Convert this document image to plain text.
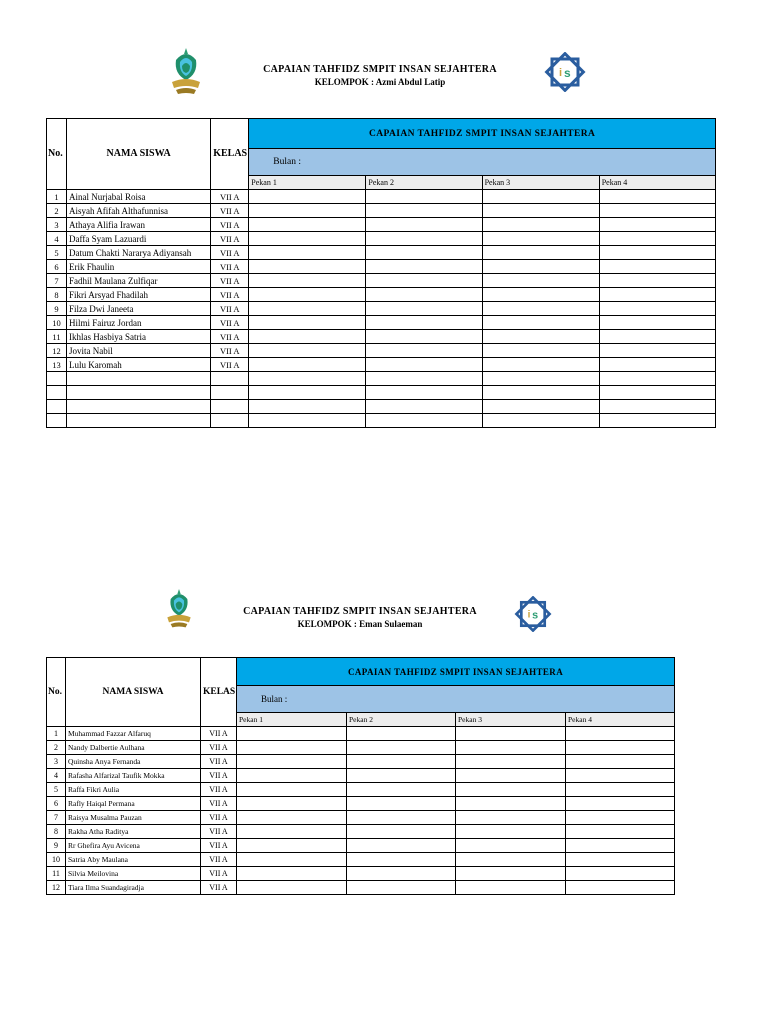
CAPAIAN TAHFIDZ SMPIT INSAN SEJAHTERA
KELOMPOK : Azmi Abdul Latip
i s
No.	NAMA SISWA	KELAS	CAPAIAN TAHFIDZ SMPIT INSAN SEJAHTERA			
			Bulan :			
			Pekan 1	Pekan 2	Pekan 3	Pekan 4
1	Ainal Nurjabal Roisa	VII A				
2	Aisyah Afifah Althafunnisa	VII A				
3	Athaya Alifia Irawan	VII A				
4	Daffa Syam Lazuardi	VII A				
5	Datum Chakti Nararya Adiyansah	VII A				
6	Erik Fhaulin	VII A				
7	Fadhil Maulana Zulfiqar	VII A				
8	Fikri Arsyad Fhadilah	VII A				
9	Filza Dwi Janeeta	VII A				
10	Hilmi Fairuz Jordan	VII A				
11	Ikhlas Hasbiya Satria	VII A				
12	Jovita Nabil	VII A				
13	Lulu Karomah	VII A				

CAPAIAN TAHFIDZ SMPIT INSAN SEJAHTERA
KELOMPOK : Eman Sulaeman
i s
No.	NAMA SISWA	KELAS	CAPAIAN TAHFIDZ SMPIT INSAN SEJAHTERA			
			Bulan :			
			Pekan 1	Pekan 2	Pekan 3	Pekan 4
1	Muhammad Fazzar Alfaruq	VII A				
2	Nandy Dalbertie Aulhana	VII A				
3	Quinsha Anya Fernanda	VII A				
4	Rafasha Alfarizal Taufik Mokka	VII A				
5	Raffa Fikri Aulia	VII A				
6	Rafly Haiqal Permana	VII A				
7	Raisya Musalma Pauzan	VII A				
8	Rakha Atha Raditya	VII A				
9	Rr Ghefira Ayu Avicena	VII A				
10	Satria Aby Maulana	VII A				
11	Silvia Meilovina	VII A				
12	Tiara Ilma Suandagiradja	VII A				
